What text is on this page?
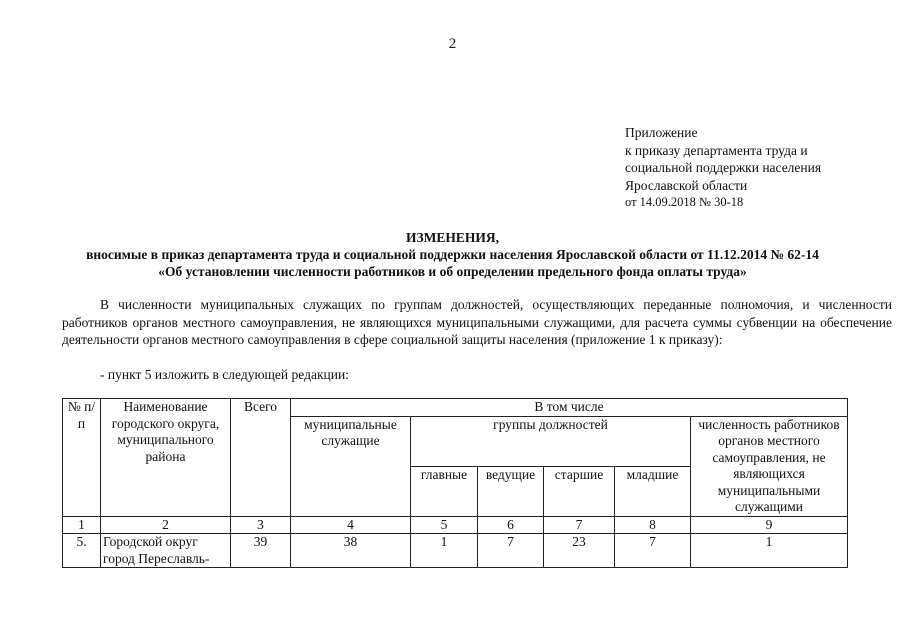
2
Приложение
к приказу департамента труда и
социальной поддержки населения
Ярославской области
от 14.09.2018 № 30-18
ИЗМЕНЕНИЯ,
вносимые в приказ департамента труда и социальной поддержки населения Ярославской области от 11.12.2014 № 62-14
«Об установлении численности работников и об определении предельного фонда оплаты труда»

В численности муниципальных служащих по группам должностей, осуществляющих переданные полномочия, и численности работников органов местного самоуправления, не являющихся муниципальными служащими, для расчета суммы субвенции на обеспечение деятельности органов местного самоуправления в сфере социальной защиты населения (приложение 1 к приказу):

- пункт 5 изложить в следующей редакции:
№ п/п	Наименование городского округа, муниципального района	Всего	В том числе					
			муниципальные служащие	группы должностей				численность работников органов местного самоуправления, не являющихся муниципальными служащими
				главные	ведущие	старшие	младшие	
1	2	3	4	5	6	7	8	9
5.	Городской округ город Переславль-	39	38	1	7	23	7	1
